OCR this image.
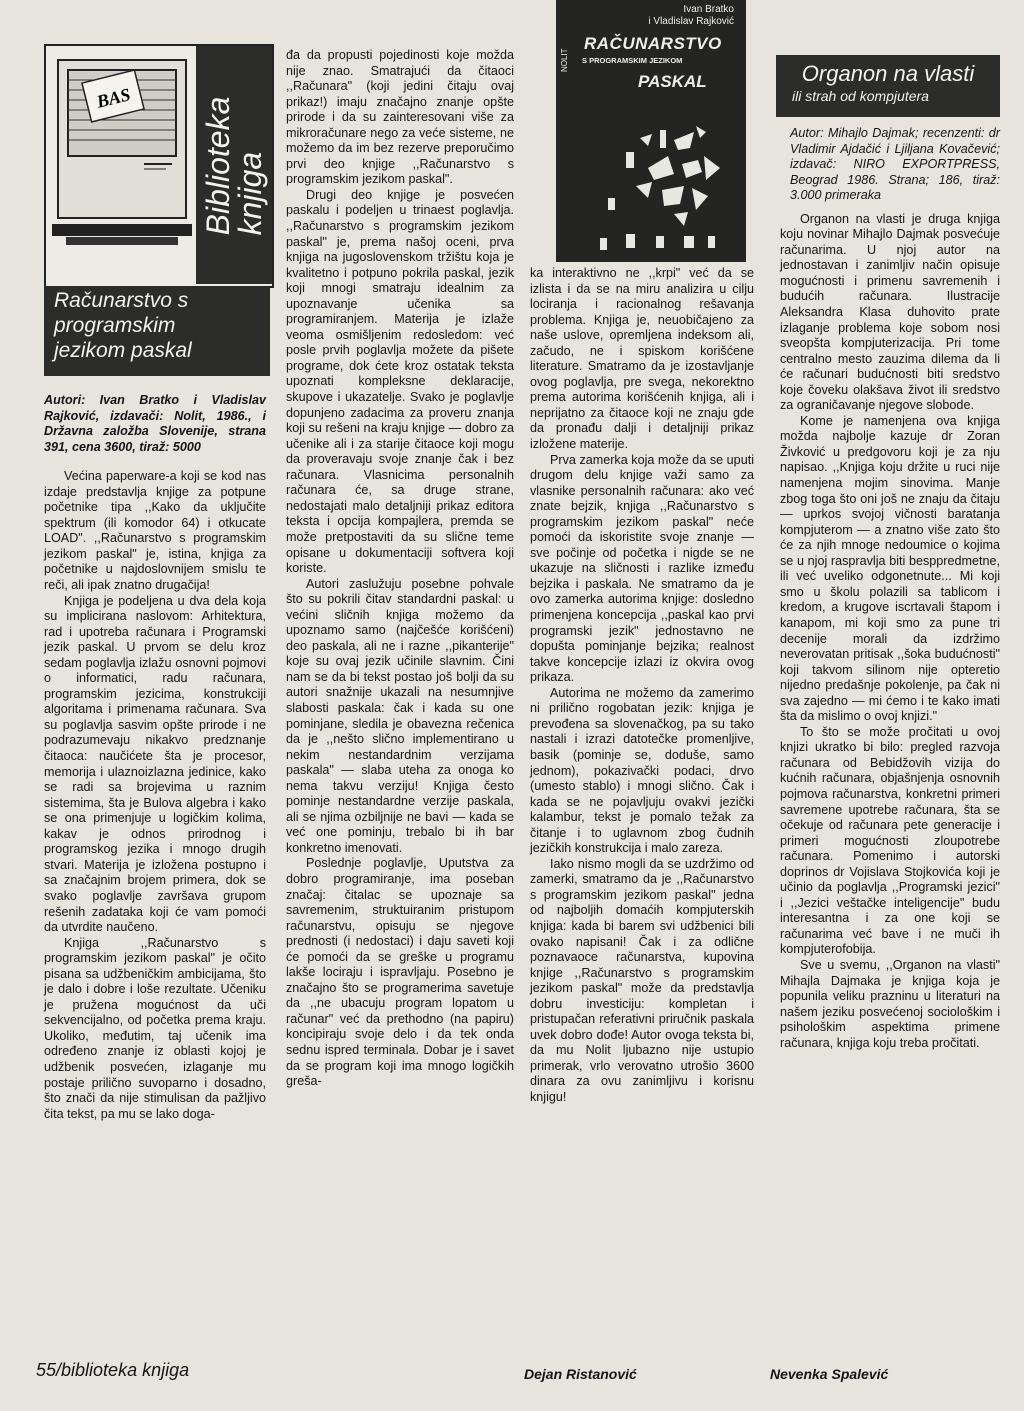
BAS Biblioteka
knjiga
Računarstvo s
programskim
jezikom paskal
Ivan Bratko
i Vladislav Rajković
NOLIT
RAČUNARSTVO
S PROGRAMSKIM JEZIKOM
PASKAL	Organon na vlasti
ili strah od kompjutera

Autori: Ivan Bratko i Vladislav Rajković, izdavači: Nolit, 1986., i Državna založba Slovenije, strana 391, cena 3600, tiraž: 5000

Većina paperware-a koji se kod nas izdaje predstavlja knjige za potpune početnike tipa ,,Kako da uključite spektrum (ili komodor 64) i otkucate LOAD". ,,Računarstvo s programskim jezikom paskal" je, istina, knjiga za početnike u najdoslovnijem smislu te reči, ali ipak znatno drugačija!

Knjiga je podeljena u dva dela koja su implicirana naslovom: Arhitektura, rad i upotreba računara i Programski jezik paskal. U prvom se delu kroz sedam poglavlja izlažu osnovni pojmovi o informatici, radu računara, programskim jezicima, konstrukciji algoritama i primenama računara. Sva su poglavlja sasvim opšte prirode i ne podrazumevaju nikakvo predznanje čitaoca: naučićete šta je procesor, memorija i ulaznoizlazna jedinice, kako se radi sa brojevima u raznim sistemima, šta je Bulova algebra i kako se ona primenjuje u logičkim kolima, kakav je odnos prirodnog i programskog jezika i mnogo drugih stvari. Materija je izložena postupno i sa značajnim brojem primera, dok se svako poglavlje završava grupom rešenih zadataka koji će vam pomoći da utvrdite naučeno.

Knjiga ,,Računarstvo s programskim jezikom paskal" je očito pisana sa udžbeničkim ambicijama, što je dalo i dobre i loše rezultate. Učeniku je pružena mogućnost da uči sekvencijalno, od početka prema kraju. Ukoliko, međutim, taj učenik ima određeno znanje iz oblasti kojoj je udžbenik posvećen, izlaganje mu postaje prilično suvoparno i dosadno, što znači da nije stimulisan da pažljivo čita tekst, pa mu se lako doga-

đa da propusti pojedinosti koje možda nije znao. Smatrajući da čitaoci ,,Računara" (koji jedini čitaju ovaj prikaz!) imaju značajno znanje opšte prirode i da su zainteresovani više za mikroračunare nego za veće sisteme, ne možemo da im bez rezerve preporučimo prvi deo knjige ,,Računarstvo s programskim jezikom paskal".

Drugi deo knjige je posvećen paskalu i podeljen u trinaest poglavlja. ,,Računarstvo s programskim jezikom paskal" je, prema našoj oceni, prva knjiga na jugoslovenskom tržištu koja je kvalitetno i potpuno pokrila paskal, jezik koji mnogi smatraju idealnim za upoznavanje učenika sa programiranjem. Materija je izlaže veoma osmišljenim redosledom: već posle prvih poglavlja možete da pišete programe, dok ćete kroz ostatak teksta upoznati kompleksne deklaracije, skupove i ukazatelje. Svako je poglavlje dopunjeno zadacima za proveru znanja koji su rešeni na kraju knjige — dobro za učenike ali i za starije čitaoce koji mogu da proveravaju svoje znanje čak i bez računara. Vlasnicima personalnih računara će, sa druge strane, nedostajati malo detaljniji prikaz editora teksta i opcija kompajlera, premda se može pretpostaviti da su slične teme opisane u dokumentaciji softvera koji koriste.

Autori zaslužuju posebne pohvale što su pokrili čitav standardni paskal: u većini sličnih knjiga možemo da upoznamo samo (najčešće korišćeni) deo paskala, ali ne i razne ,,pikanterije" koje su ovaj jezik učinile slavnim. Čini nam se da bi tekst postao još bolji da su autori snažnije ukazali na nesumnjive slabosti paskala: čak i kada su one pominjane, sledila je obavezna rečenica da je ,,nešto slično implementirano u nekim nestandardnim verzijama paskala" — slaba uteha za onoga ko nema takvu verziju! Knjiga često pominje nestandardne verzije paskala, ali se njima ozbiljnije ne bavi — kada se već one pominju, trebalo bi ih bar konkretno imenovati.

Poslednje poglavlje, Uputstva za dobro programiranje, ima poseban značaj: čitalac se upoznaje sa savremenim, struktuiranim pristupom računarstvu, opisuju se njegove prednosti (i nedostaci) i daju saveti koji će pomoći da se greške u programu lakše lociraju i ispravljaju. Posebno je značajno što se programerima savetuje da ,,ne ubacuju program lopatom u računar" već da prethodno (na papiru) koncipiraju svoje delo i da tek onda sednu ispred terminala. Dobar je i savet da se program koji ima mnogo logičkih greša-

ka interaktivno ne ,,krpi" već da se izlista i da se na miru analizira u cilju lociranja i racionalnog rešavanja problema. Knjiga je, neuobičajeno za naše uslove, opremljena indeksom ali, začudo, ne i spiskom korišćene literature. Smatramo da je izostavljanje ovog poglavlja, pre svega, nekorektno prema autorima korišćenih knjiga, ali i neprijatno za čitaoce koji ne znaju gde da pronađu dalji i detaljniji prikaz izložene materije.

Prva zamerka koja može da se uputi drugom delu knjige važi samo za vlasnike personalnih računara: ako već znate bejzik, knjiga ,,Računarstvo s programskim jezikom paskal" neće pomoći da iskoristite svoje znanje — sve počinje od početka i nigde se ne ukazuje na sličnosti i razlike između bejzika i paskala. Ne smatramo da je ovo zamerka autorima knjige: dosledno primenjena koncepcija ,,paskal kao prvi programski jezik" jednostavno ne dopušta pominjanje bejzika; realnost takve koncepcije izlazi iz okvira ovog prikaza.

Autorima ne možemo da zamerimo ni prilično rogobatan jezik: knjiga je prevođena sa slovenačkog, pa su tako nastali i izrazi datotečke promenljive, basik (pominje se, doduše, samo jednom), pokazivački podaci, drvo (umesto stablo) i mnogi slično. Čak i kada se ne pojavljuju ovakvi jezički kalambur, tekst je pomalo težak za čitanje i to uglavnom zbog čudnih jezičkih konstrukcija i malo zareza.

Iako nismo mogli da se uzdržimo od zamerki, smatramo da je ,,Računarstvo s programskim jezikom paskal" jedna od najboljih domaćih kompjuterskih knjiga: kada bi barem svi udžbenici bili ovako napisani! Čak i za odlične poznavaoce računarstva, kupovina knjige ,,Računarstvo s programskim jezikom paskal" može da predstavlja dobru investiciju: kompletan i pristupačan referativni priručnik paskala uvek dobro dođe! Autor ovoga teksta bi, da mu Nolit ljubazno nije ustupio primerak, vrlo verovatno utrošio 3600 dinara za ovu zanimljivu i korisnu knjigu!

Autor: Mihajlo Dajmak; recenzenti: dr Vladimir Ajdačić i Ljiljana Kovačević; izdavač: NIRO EXPORTPRESS, Beograd 1986. Strana; 186, tiraž: 3.000 primeraka

Organon na vlasti je druga knjiga koju novinar Mihajlo Dajmak posvećuje računarima. U njoj autor na jednostavan i zanimljiv način opisuje mogućnosti i primenu savremenih i budućih računara. Ilustracije Aleksandra Klasa duhovito prate izlaganje problema koje sobom nosi sveopšta kompjuterizacija. Pri tome centralno mesto zauzima dilema da li će računari budućnosti biti sredstvo koje čoveku olakšava život ili sredstvo za ograničavanje njegove slobode.

Kome je namenjena ova knjiga možda najbolje kazuje dr Zoran Živković u predgovoru koji je za nju napisao. ,,Knjiga koju držite u ruci nije namenjena mojim sinovima. Manje zbog toga što oni još ne znaju da čitaju — uprkos svojoj vičnosti baratanja kompjuterom — a znatno više zato što će za njih mnoge nedoumice o kojima se u njoj raspravlja biti besppredmetne, ili već uveliko odgonetnute... Mi koji smo u školu polazili sa tablicom i kredom, a krugove iscrtavali štapom i kanapom, mi koji smo za pune tri decenije morali da izdržimo neverovatan pritisak ,,šoka budućnosti" koji takvom silinom nije opteretio nijedno predašnje pokolenje, pa čak ni sva zajedno — mi ćemo i te kako imati šta da mislimo o ovoj knjizi."

To što se može pročitati u ovoj knjizi ukratko bi bilo: pregled razvoja računara od Bebidžovih vizija do kućnih računara, objašnjenja osnovnih pojmova računarstva, konkretni primeri savremene upotrebe računara, šta se očekuje od računara pete generacije i primeri mogućnosti zloupotrebe računara. Pomenimo i autorski doprinos dr Vojislava Stojkovića koji je učinio da poglavlja ,,Programski jezici" i ,,Jezici veštačke inteligencije" budu interesantna i za one koji se računarima već bave i ne muči ih kompjuterofobija.

Sve u svemu, ,,Organon na vlasti" Mihajla Dajmaka je knjiga koja je popunila veliku prazninu u literaturi na našem jeziku posvećenoj sociološkim i psihološkim aspektima primene računara, knjiga koju treba pročitati.

Dejan Ristanović	Nevenka Spalević
55/biblioteka knjiga
